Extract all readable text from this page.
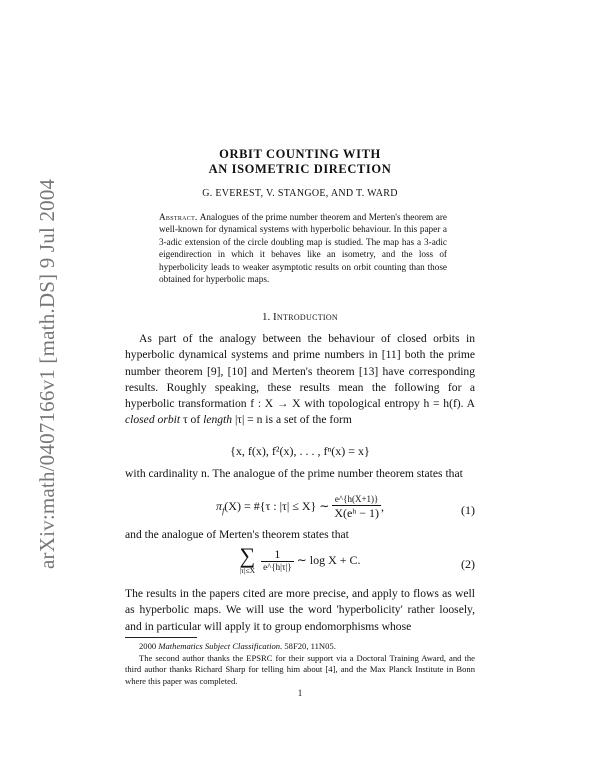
arXiv:math/0407166v1 [math.DS] 9 Jul 2004
ORBIT COUNTING WITH
AN ISOMETRIC DIRECTION
G. EVEREST, V. STANGOE, AND T. WARD
Abstract. Analogues of the prime number theorem and Merten's theorem are well-known for dynamical systems with hyperbolic behaviour. In this paper a 3-adic extension of the circle doubling map is studied. The map has a 3-adic eigendirection in which it behaves like an isometry, and the loss of hyperbolicity leads to weaker asymptotic results on orbit counting than those obtained for hyperbolic maps.
1. Introduction

As part of the analogy between the behaviour of closed orbits in hyperbolic dynamical systems and prime numbers in [11] both the prime number theorem [9], [10] and Merten's theorem [13] have corresponding results. Roughly speaking, these results mean the following for a hyperbolic transformation f : X → X with topological entropy h = h(f). A closed orbit τ of length |τ| = n is a set of the form

{x, f(x), f²(x), . . . , fⁿ(x) = x}
with cardinality n. The analogue of the prime number theorem states that
$\pi_f(X)$ = #{τ : |τ| ≤ X} ∼ $\frac{e\^{}\{h(X+1)\}}{\text{X(eʰ − 1)}}$ ,	(1)
and the analogue of Merten's theorem states that
∑
$|\tau|\le X \frac{1}{e\^{}\{h|\tau|\}}$ ∼ log X + C.	(2)
The results in the papers cited are more precise, and apply to flows as well as hyperbolic maps. We will use the word 'hyperbolicity' rather loosely, and in particular will apply it to group endomorphisms whose

2000 Mathematics Subject Classification. 58F20, 11N05.

The second author thanks the EPSRC for their support via a Doctoral Training Award, and the third author thanks Richard Sharp for telling him about [4], and the Max Planck Institute in Bonn where this paper was completed.

1
